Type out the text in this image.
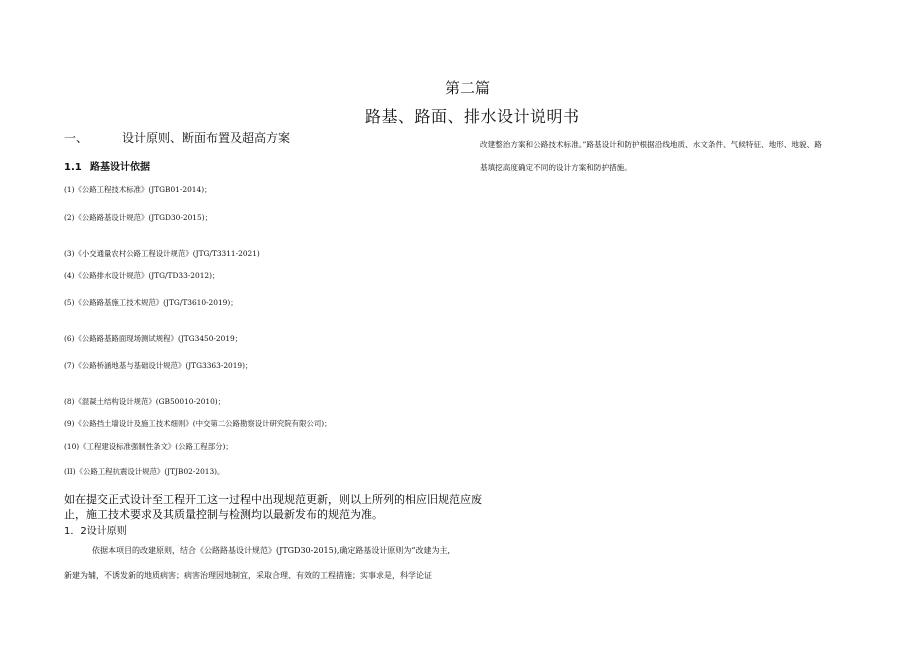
第二篇
路基、路面、排水设计说明书
一、	设计原则、断面布置及超高方案
1.1 路基设计依据
(1)《公路工程技术标准》(JTGB01-2014)；
(2)《公路路基设计规范》(JTGD30-2015)；
(3)《小交通量农村公路工程设计规范》(JTG/T3311-2021)
(4)《公路排水设计规范》(JTG/TD33-2012)；
(5)《公路路基施工技术规范》(JTG/T3610-2019)；
(6)《公路路基路面现场测试规程》(JTG3450-2019；
(7)《公路桥涵地基与基础设计规范》(JTG3363-2019)；
(8)《混凝土结构设计规范》(GB50010-2010)；
(9)《公路挡土墙设计及施工技术细则》(中交第二公路勘察设计研究院有限公司)；
(10)《工程建设标准强制性条文》(公路工程部分)；
(II)《公路工程抗震设计规范》(JTJB02-2013)。
如在提交正式设计至工程开工这一过程中出现规范更新，则以上所列的相应旧规范应废
止，施工技术要求及其质量控制与检测均以最新发布的规范为准。
1．2设计原则
依据本项目的改建原则，结合《公路路基设计规范》(JTGD30-2015),确定路基设计原则为“改建为主,
新建为辅，不诱发新的地质病害；病害治理因地制宜，采取合理、有效的工程措施；实事求是，科学论证
改建整治方案和公路技术标准。”路基设计和防护根据沿线地质、水文条件、气候特征、地形、地貌、路
基填挖高度确定不同的设计方案和防护措施。
